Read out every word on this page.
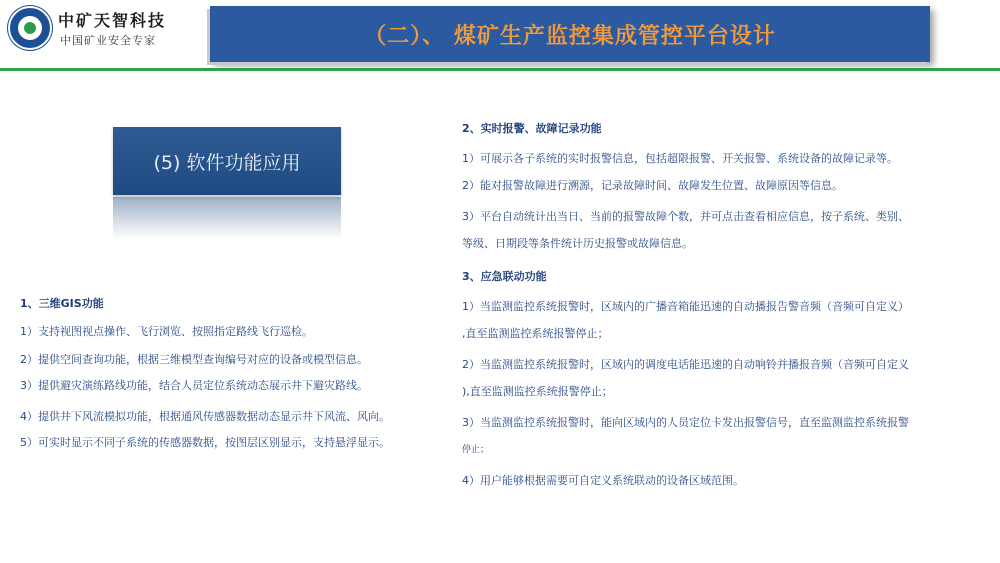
中矿天智科技
中国矿业安全专家	（二）、 煤矿生产监控集成管控平台设计
(5) 软件功能应用
1、三维GIS功能
1）支持视图视点操作、飞行浏览、按照指定路线飞行巡检。
2）提供空间查询功能，根据三维模型查询编号对应的设备或模型信息。
3）提供避灾演练路线功能，结合人员定位系统动态展示井下避灾路线。
4）提供井下风流模拟功能，根据通风传感器数据动态显示井下风流、风向。
5）可实时显示不同子系统的传感器数据，按图层区别显示，支持悬浮显示。
2、实时报警、故障记录功能
1）可展示各子系统的实时报警信息，包括超限报警、开关报警、系统设备的故障记录等。
2）能对报警故障进行溯源，记录故障时间、故障发生位置、故障原因等信息。
3）平台自动统计出当日、当前的报警故障个数，并可点击查看相应信息，按子系统、类别、
等级、日期段等条件统计历史报警或故障信息。
3、应急联动功能
1）当监测监控系统报警时，区域内的广播音箱能迅速的自动播报告警音频（音频可自定义）
,直至监测监控系统报警停止；
2）当监测监控系统报警时，区域内的调度电话能迅速的自动响铃并播报音频（音频可自定义
),直至监测监控系统报警停止；
3）当监测监控系统报警时，能向区域内的人员定位卡发出报警信号，直至监测监控系统报警
停止；
4）用户能够根据需要可自定义系统联动的设备区域范围。
